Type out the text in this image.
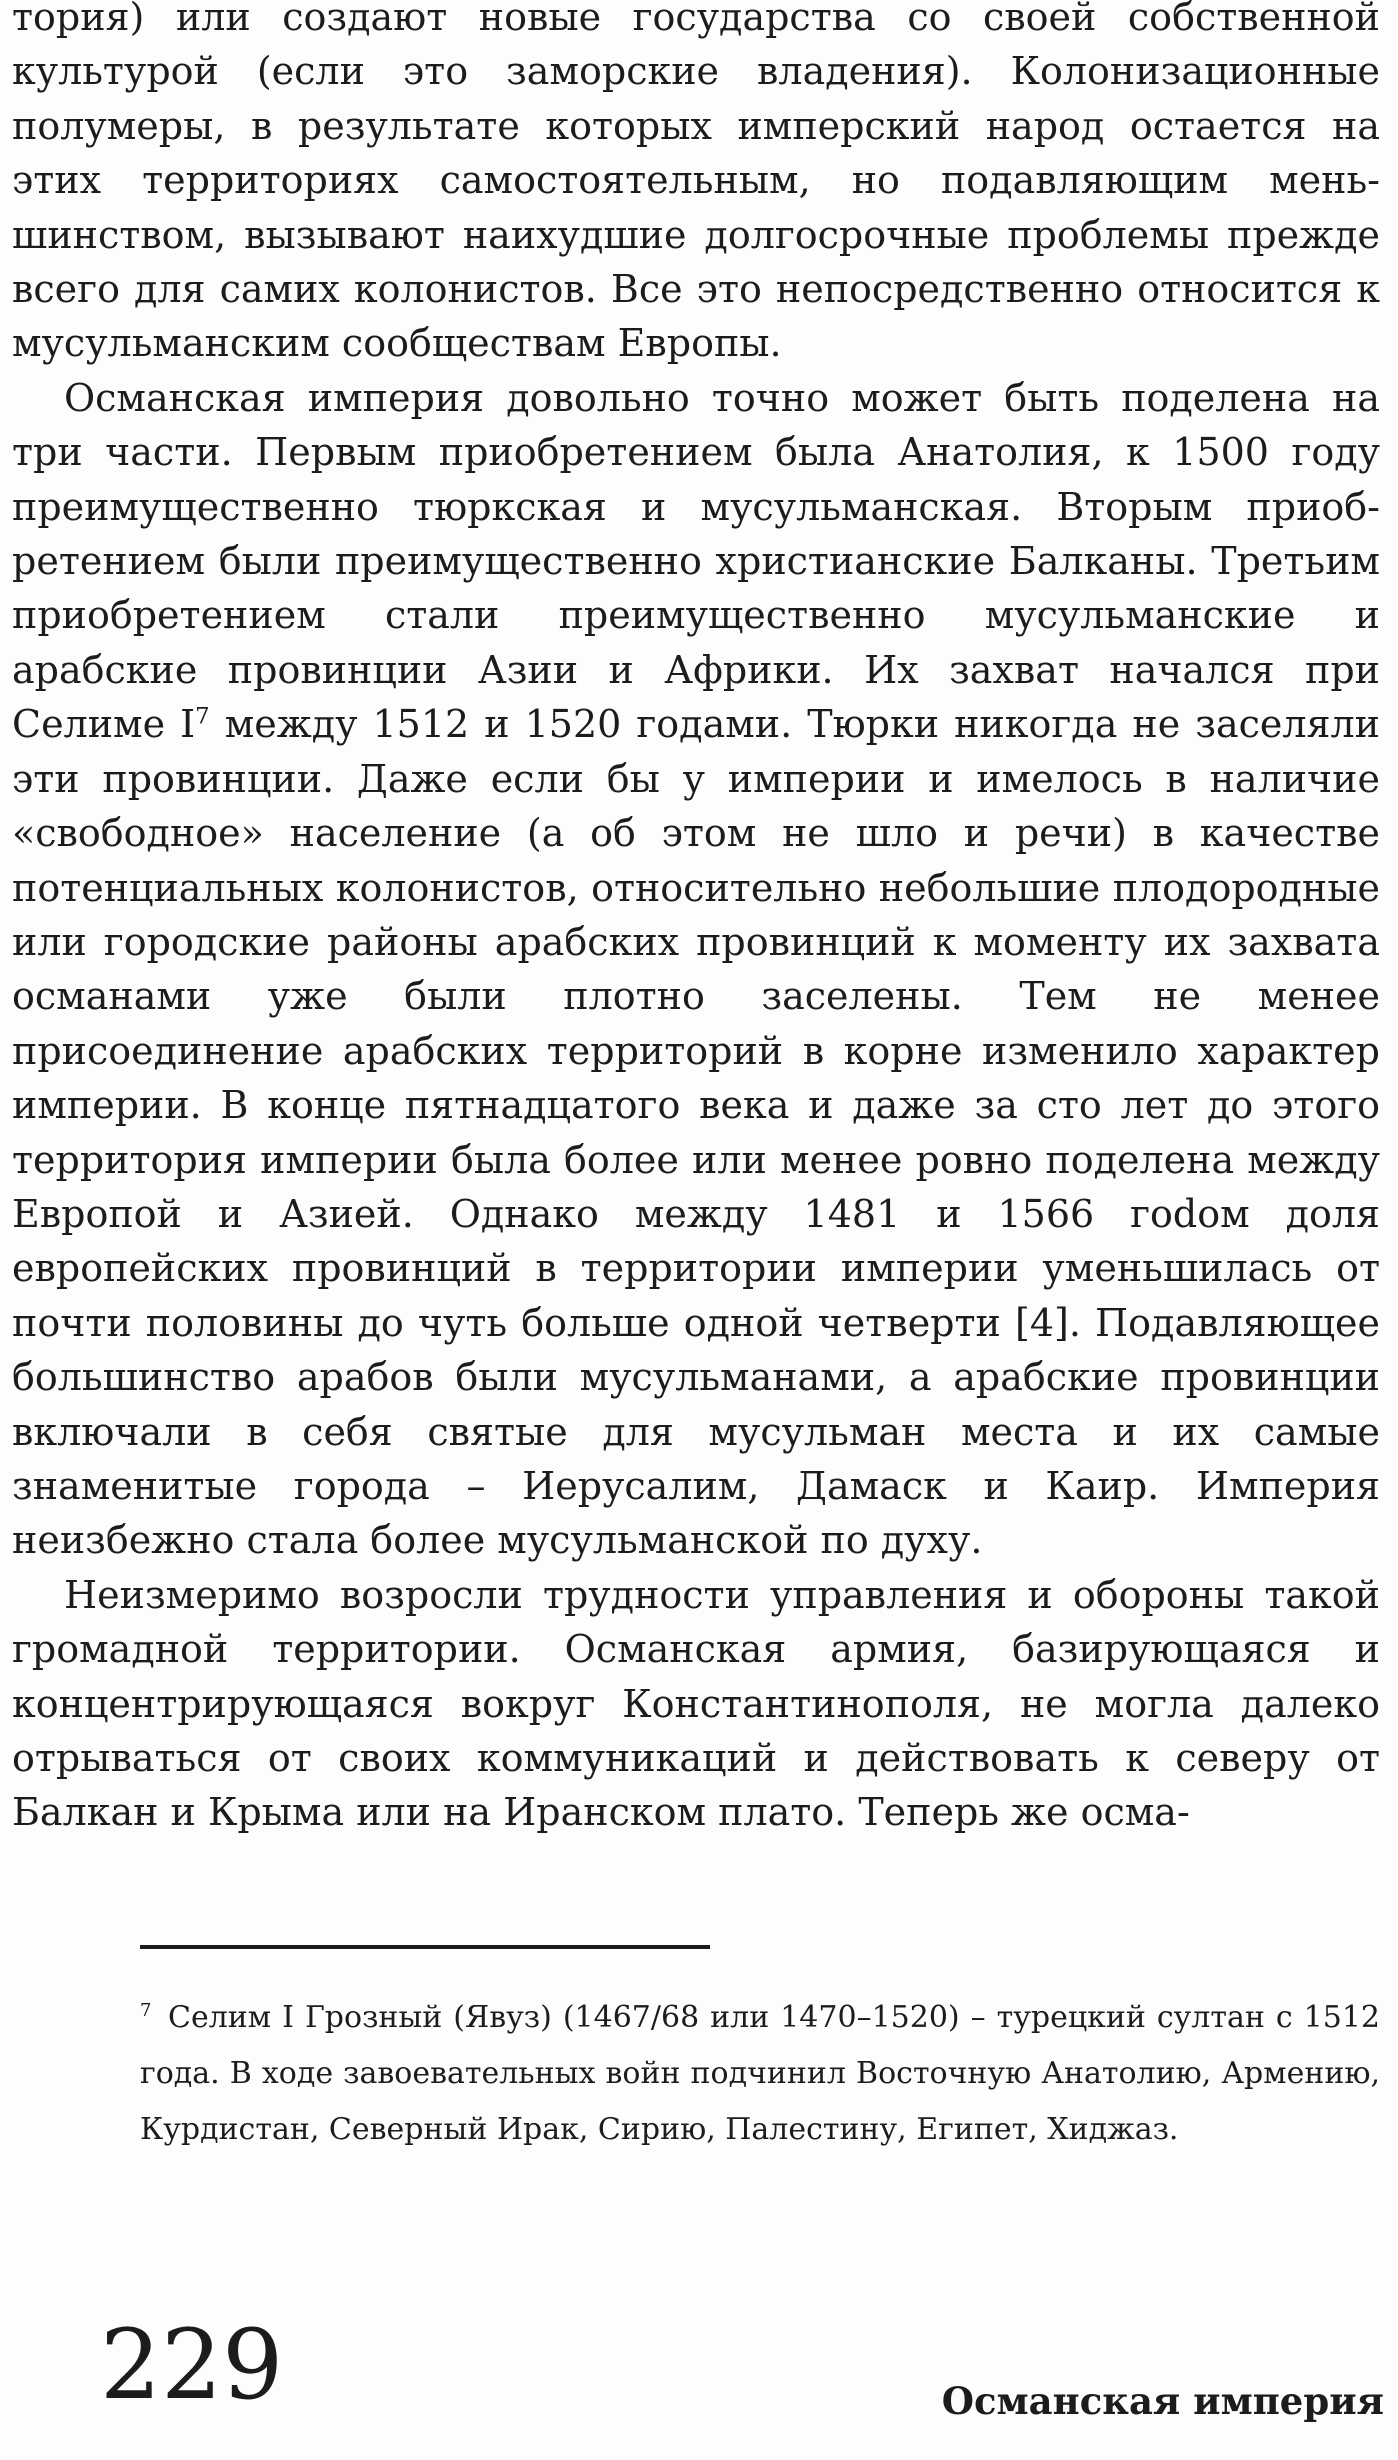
тория) или создают новые государства со своей собственной культурой (если это заморские владения). Колонизационные полумеры, в результате которых имперский народ остается на этих территориях самостоятельным, но подавляющим меньшинством, вызывают наихудшие долгосрочные проблемы прежде всего для самих колонистов. Все это непосредственно относится к мусульманским сообществам Европы.

Османская империя довольно точно может быть поделена на три части. Первым приобретением была Анатолия, к 1500 году преимущественно тюркская и мусульманская. Вторым приобретением были преимущественно христианские Балканы. Третьим приобретением стали преимущественно мусульманские и арабские провинции Азии и Африки. Их захват начался при Селиме I$^7$ между 1512 и 1520 годами. Тюрки никогда не заселяли эти провинции. Даже если бы у империи и имелось в наличие «свободное» население (а об этом не шло и речи) в качестве потенциальных колонистов, относительно небольшие плодородные или городские районы арабских провинций к моменту их захвата османами уже были плотно заселены. Тем не менее присоединение арабских территорий в корне изменило характер империи. В конце пятнадцатого века и даже за сто лет до этого территория империи была более или менее ровно поделена между Европой и Азией. Однако между 1481 и 1566 гоdом доля европейских провинций в территории империи уменьшилась от почти половины до чуть больше одной четверти [4]. Подавляющее большинство арабов были мусульманами, а арабские провинции включали в себя святые для мусульман места и их самые знаменитые города – Иерусалим, Дамаск и Каир. Империя неизбежно стала более мусульманской по духу.

Неизмеримо возросли трудности управления и обороны такой громадной территории. Османская армия, базирующаяся и концентрирующаяся вокруг Константинополя, не могла далеко отрываться от своих коммуникаций и действовать к северу от Балкан и Крыма или на Иранском плато. Теперь же осма-

7 Селим I Грозный (Явуз) (1467/68 или 1470–1520) – турецкий султан с 1512 года. В ходе завоевательных войн подчинил Восточную Анатолию, Армению, Курдистан, Северный Ирак, Сирию, Палестину, Египет, Хиджаз.
229	Османская империя
